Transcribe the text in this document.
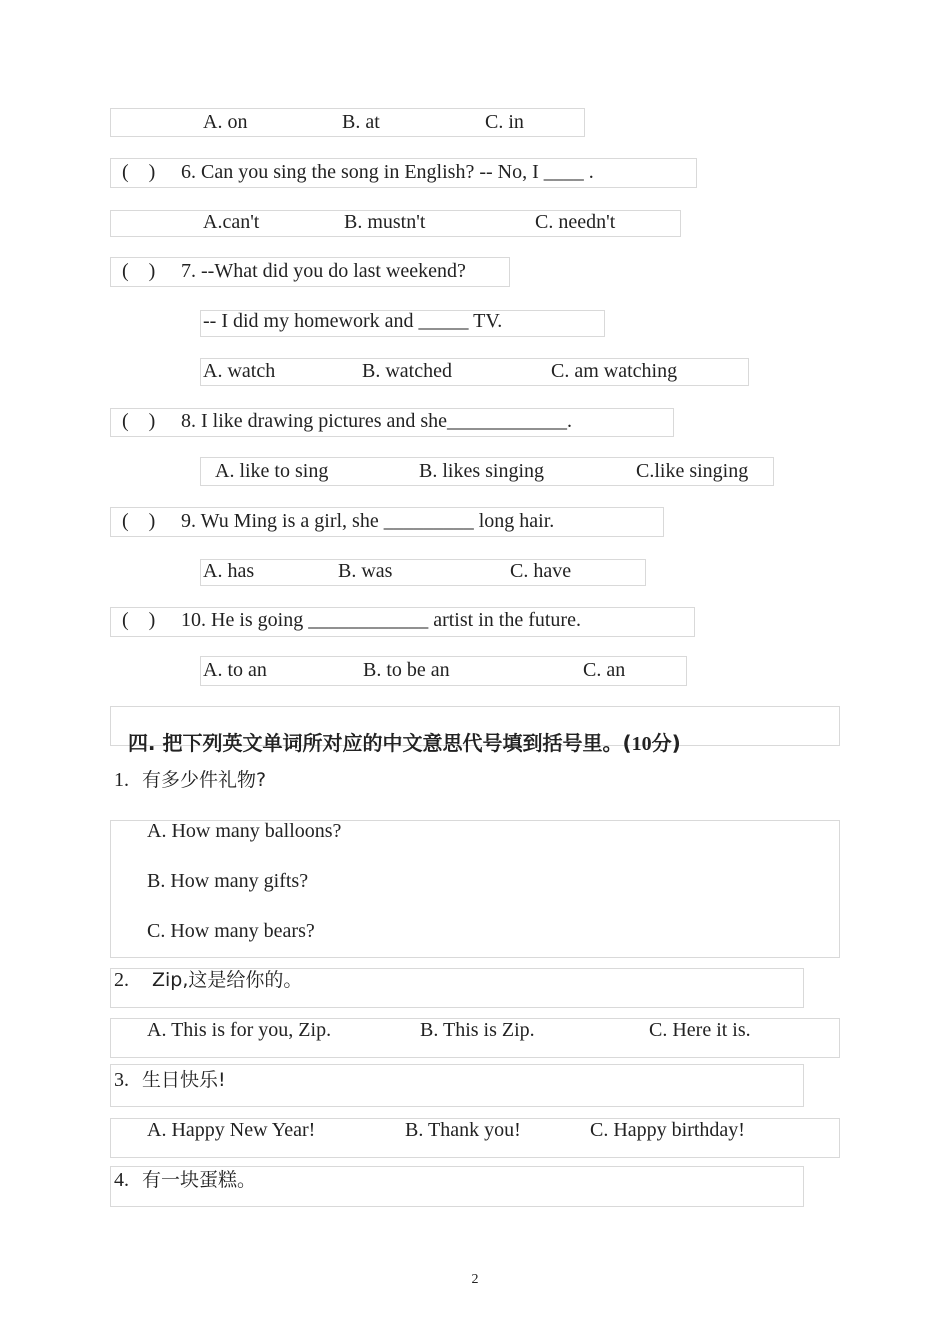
A. on	B. at	C. in
(    ) 6. Can you sing the song in English? -- No, I ____ .
A.can't	B. mustn't	C. needn't
(    ) 7. --What did you do last weekend?
-- I did my homework and _____ TV.
A. watch	B. watched	C. am watching
(    ) 8. I like drawing pictures and she____________.
A. like to sing	B. likes singing	C.like singing
(    ) 9. Wu Ming is a girl, she _________ long hair.
A. has	B. was	C. have
(    ) 10. He is going ____________ artist in the future.
A. to an	B. to be an	C. an

四. 把下列英文单词所对应的中文意思代号填到括号里。(10分)

1. 有多少件礼物?
A. How many balloons?
B. How many gifts?
C. How many bears?
2. Zip,这是给你的。
A. This is for you, Zip.	B. This is Zip.	C. Here it is.
3. 生日快乐!
A. Happy New Year!	B. Thank you!	C. Happy birthday!
4. 有一块蛋糕。
2
